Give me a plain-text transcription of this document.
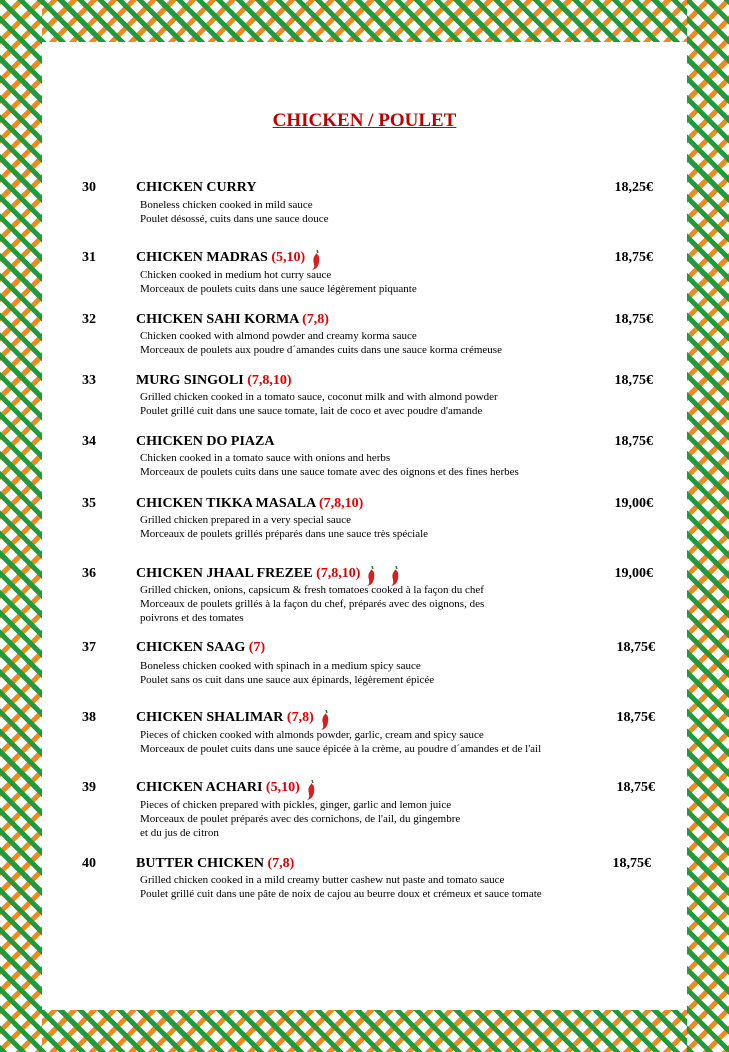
CHICKEN / POULET
30	CHICKEN CURRY	18,25€
Boneless chicken cooked in mild sauce
Poulet désossé, cuits dans une sauce douce
31	CHICKEN MADRAS (5,10)	18,75€
Chicken cooked in medium hot curry sauce
Morceaux de poulets cuits dans une sauce légèrement piquante
32	CHICKEN SAHI KORMA (7,8)	18,75€
Chicken cooked with almond powder and creamy korma sauce
Morceaux de poulets aux poudre d´amandes cuits dans une sauce korma crémeuse
33	MURG SINGOLI (7,8,10)	18,75€
Grilled chicken cooked in a tomato sauce, coconut milk and with almond powder
Poulet grillé cuit dans une sauce tomate, lait de coco et avec poudre d'amande
34	CHICKEN DO PIAZA	18,75€
Chicken cooked in a tomato sauce with onions and herbs
Morceaux de poulets cuits dans une sauce tomate avec des oignons et des fines herbes
35	CHICKEN TIKKA MASALA (7,8,10)	19,00€
Grilled chicken prepared in a very special sauce
Morceaux de poulets grillés préparés dans une sauce très spéciale
36	CHICKEN JHAAL FREZEE (7,8,10)	19,00€
Grilled chicken, onions, capsicum & fresh tomatoes cooked à la façon du chef
Morceaux de poulets grillés à la façon du chef, préparés avec des oignons, des
poivrons et des tomates
37	CHICKEN SAAG (7)	18,75€
Boneless chicken cooked with spinach in a medium spicy sauce
Poulet sans os cuit dans une sauce aux épinards, légèrement épicée
38	CHICKEN SHALIMAR (7,8)	18,75€
Pieces of chicken cooked with almonds powder, garlic, cream and spicy sauce
Morceaux de poulet cuits dans une sauce épicée à la crème, au poudre d´amandes et de l'ail
39	CHICKEN ACHARI (5,10)	18,75€
Pieces of chicken prepared with pickles, ginger, garlic and lemon juice
Morceaux de poulet préparés avec des cornichons, de l'ail, du gingembre
et du jus de citron
40	BUTTER CHICKEN (7,8)	18,75€
Grilled chicken cooked in a mild creamy butter cashew nut paste and tomato sauce
Poulet grillé cuit dans une pâte de noix de cajou au beurre doux et crémeux et sauce tomate
